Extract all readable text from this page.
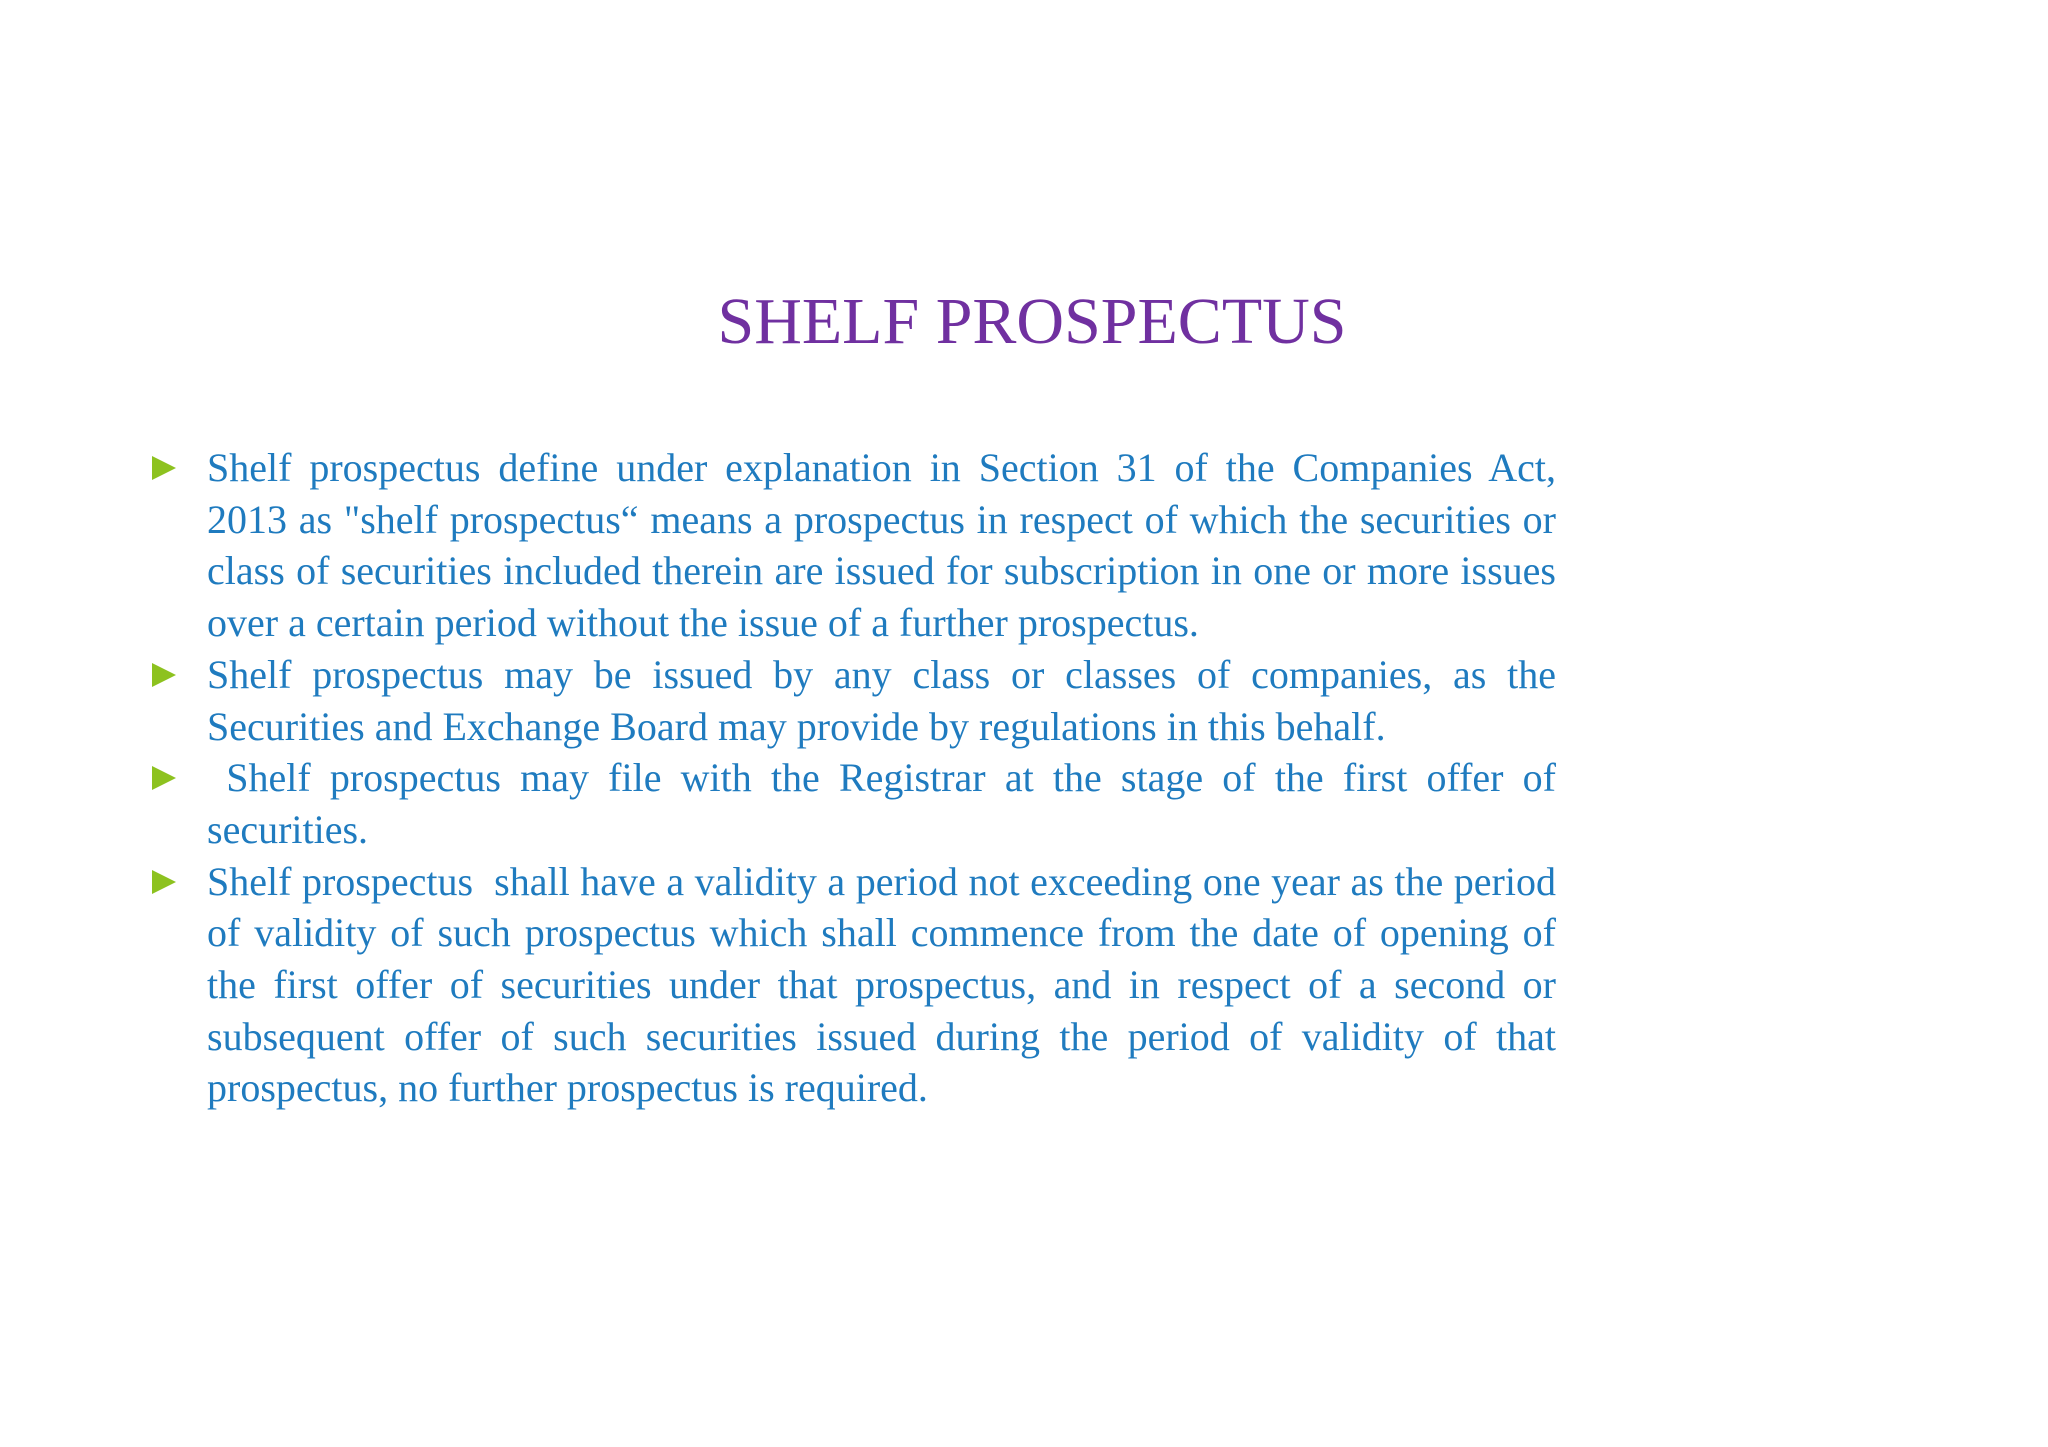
SHELF PROSPECTUS
Shelf prospectus define under explanation in Section 31 of the Companies Act, 2013 as "shelf prospectus“ means a prospectus in respect of which the securities or class of securities included therein are issued for subscription in one or more issues over a certain period without the issue of a further prospectus.
Shelf prospectus may be issued by any class or classes of companies, as the Securities and Exchange Board may provide by regulations in this behalf.
Shelf prospectus may file with the Registrar at the stage of the first offer of securities.
Shelf prospectus  shall have a validity a period not exceeding one year as the period of validity of such prospectus which shall commence from the date of opening of the first offer of securities under that prospectus, and in respect of a second or subsequent offer of such securities issued during the period of validity of that prospectus, no further prospectus is required.
